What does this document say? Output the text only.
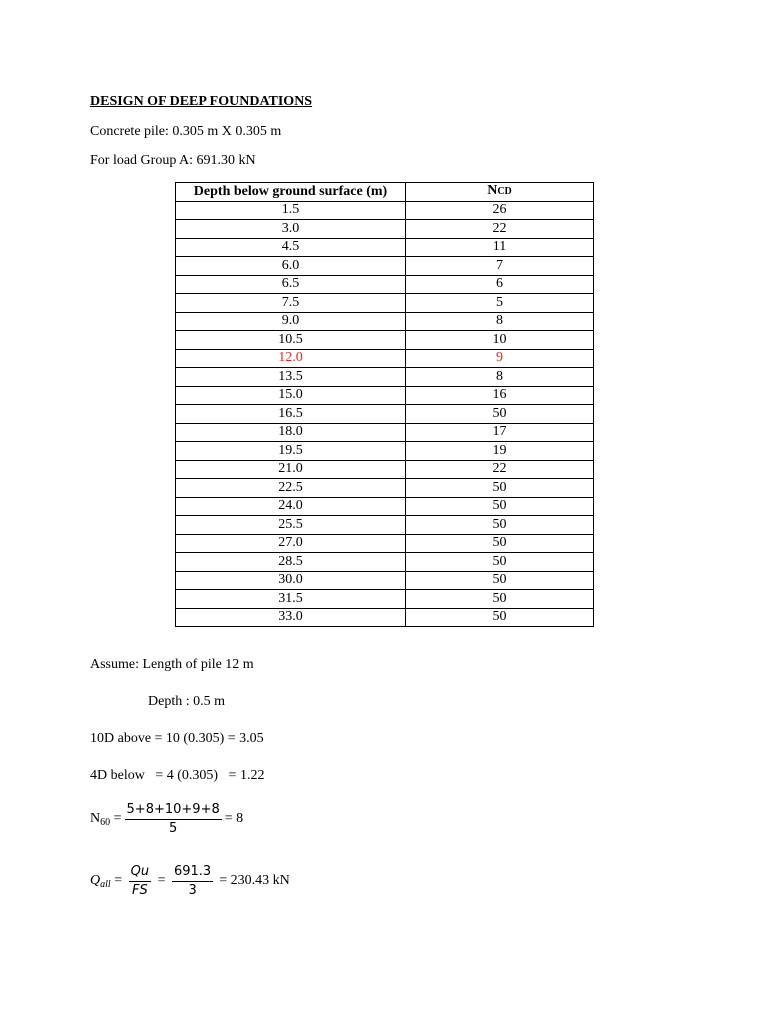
DESIGN OF DEEP FOUNDATIONS
Concrete pile: 0.305 m X 0.305 m
For load Group A: 691.30 kN
Depth below ground surface (m)	NCD
1.5	26
3.0	22
4.5	11
6.0	7
6.5	6
7.5	5
9.0	8
10.5	10
12.0	9
13.5	8
15.0	16
16.5	50
18.0	17
19.5	19
21.0	22
22.5	50
24.0	50
25.5	50
27.0	50
28.5	50
30.0	50
31.5	50
33.0	50
Assume: Length of pile 12 m
Depth : 0.5 m
10D above = 10 (0.305) = 3.05
4D below   = 4 (0.305)   = 1.22
$N_{60} = \frac{5+8+10+9+8}{5} = 8$
$Q_{all} = \frac{Qu}{FS} = \frac{691.3}{3} = 230.43$ kN
